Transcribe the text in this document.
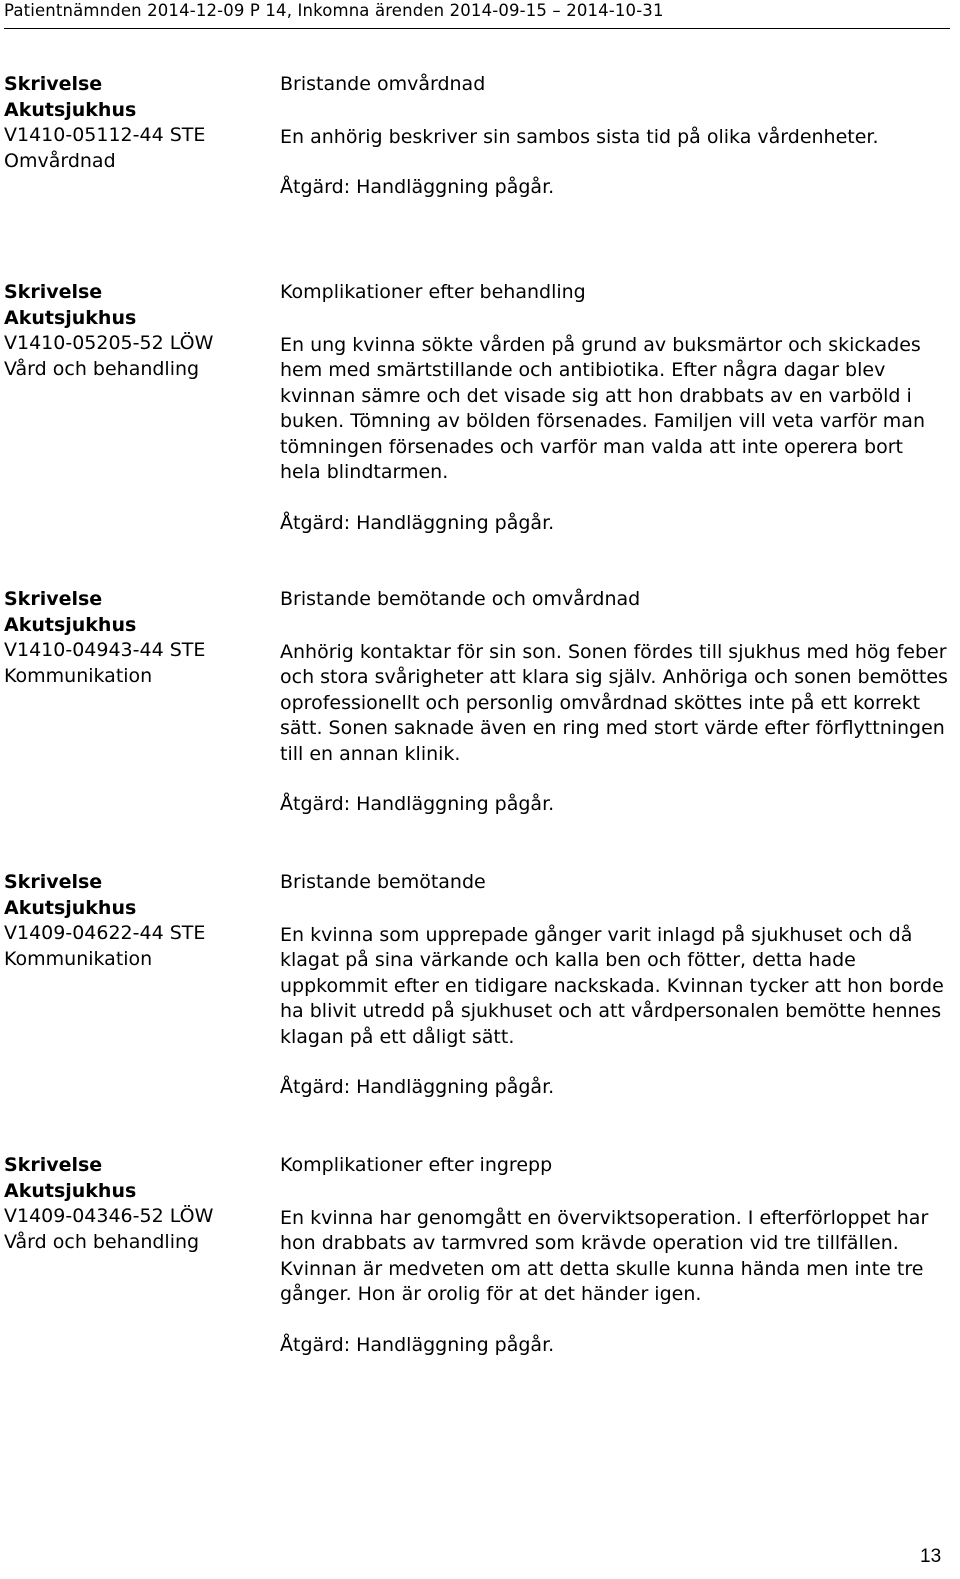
Patientnämnden 2014-12-09 P 14, Inkomna ärenden 2014-09-15 – 2014-10-31
Skrivelse
Akutsjukhus
V1410-05112-44 STE
Omvårdnad

Bristande omvårdnad

En anhörig beskriver sin sambos sista tid på olika vårdenheter.

Åtgärd: Handläggning pågår.

Skrivelse
Akutsjukhus
V1410-05205-52 LÖW
Vård och behandling

Komplikationer efter behandling

En ung kvinna sökte vården på grund av buksmärtor och skickades hem med smärtstillande och antibiotika. Efter några dagar blev kvinnan sämre och det visade sig att hon drabbats av en varböld i buken. Tömning av bölden försenades. Familjen vill veta varför man tömningen försenades och varför man valda att inte operera bort hela blindtarmen.

Åtgärd: Handläggning pågår.

Skrivelse
Akutsjukhus
V1410-04943-44 STE
Kommunikation

Bristande bemötande och omvårdnad

Anhörig kontaktar för sin son. Sonen fördes till sjukhus med hög feber och stora svårigheter att klara sig själv. Anhöriga och sonen bemöttes oprofessionellt och personlig omvårdnad sköttes inte på ett korrekt sätt. Sonen saknade även en ring med stort värde efter förflyttningen till en annan klinik.

Åtgärd: Handläggning pågår.

Skrivelse
Akutsjukhus
V1409-04622-44 STE
Kommunikation

Bristande bemötande

En kvinna som upprepade gånger varit inlagd på sjukhuset och då klagat på sina värkande och kalla ben och fötter, detta hade uppkommit efter en tidigare nackskada. Kvinnan tycker att hon borde ha blivit utredd på sjukhuset och att vårdpersonalen bemötte hennes klagan på ett dåligt sätt.

Åtgärd: Handläggning pågår.

Skrivelse
Akutsjukhus
V1409-04346-52 LÖW
Vård och behandling

Komplikationer efter ingrepp

En kvinna har genomgått en överviktsoperation. I efterförloppet har hon drabbats av tarmvred som krävde operation vid tre tillfällen. Kvinnan är medveten om att detta skulle kunna hända men inte tre gånger. Hon är orolig för at det händer igen.

Åtgärd: Handläggning pågår.

13
